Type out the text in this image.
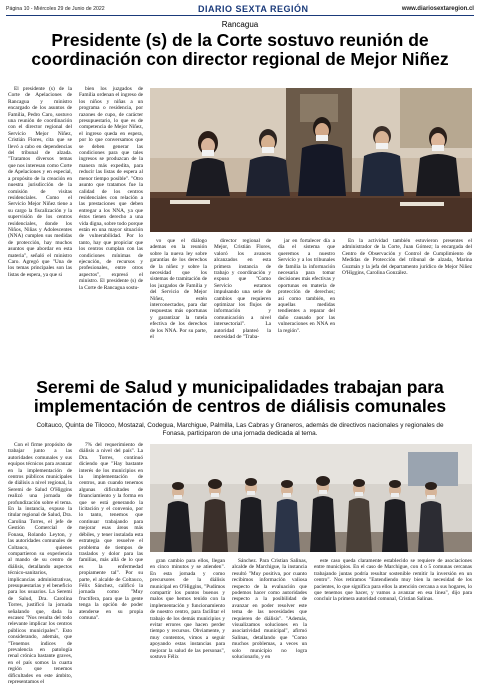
Página 10 - Miércoles 29 de Junio de 2022	DIARIO SEXTA REGIÓN	www.diariosextaregion.cl
Rancagua
Presidente (s) de la Corte sostuvo reunión de coordinación con director regional de Mejor Niñez

El presidente (s) de la Corte de Apelaciones de Rancagua y ministro encargado de los asuntos de Familia, Pedro Caro, sostuvo una reunión de coordinación con el director regional del Servicio Mejor Niñez, Cristián Flores, cita que se llevó a cabo en dependencias del tribunal de alzada. "Tratamos diversos temas que nos interesan como Corte de Apelaciones y en especial, a propósito de la creación en nuestra jurisdicción de la comisión de visitas residenciales. Como el Servicio Mejor Niñez tiene a su cargo la fiscalización y la supervisión de los centros residenciales, donde los Niños, Niñas y Adolescentes (NNA) cumplen sus medidas de protección, hay muchos asuntos que abordar en esta materia", señaló el ministro Caro. Agregó que "Una de los temas principales son las listas de espera, ya que si

bien los juzgados de Familia ordenan el ingreso de los niños y niñas a un programa o residencia, por razones de cupo, de carácter presupuestario, lo que es de competencia de Mejor Niñez, el ingreso queda en espera, por lo que conversamos que se deben generar las condiciones para que tales ingresos se produzcan de la manera más expedita, para reducir las listas de espera al menor tiempo posible". "Otro asunto que tratamos fue la calidad de los centros residenciales con relación a las prestaciones que deben entregar a los NNA, ya que éstos tienen derecho a una vida digna, sobre todo porque están en una mayor situación de vulnerabilidad. Por lo tanto, hay que propiciar que los centros cumplan con las condiciones mínimas de ejecución, de recursos y profesionales, entre otros aspectos", expresó el ministro. El presidente (s) de la Corte de Rancagua sostu-

vo que el diálogo ademas en la reunión sobre la nueva ley sobre garantías de los derechos de la niñez y sobre la necesidad que los sistemas de tramitación de los juzgados de Familia y del Servicio de Mejor Niñez, estén interconectados, para dar respuestas más oportunas y garantizar la tutela efectiva de los derechos de los NNA. Por su parte, el

director regional de Mejor, Cristián Flores, valoró los avances alcanzados en esta primera instancia de trabajo y coordinación y expuso que "Como Servicio estamos impulsando una serie de cambios que requieren optimizar los flujos de información y comunicación a nivel intersectorial". La autoridad planteó la necesidad de "Traba-

jar en fortalecer día a día el sistema que queremos a nuestro Servicio y a los tribunales de familia la información necesaria para tomar decisiones más efectivas y oportunas en materia de protección de derechos; así como también, en aquellas medidas tendientes a reparar del daño causado por las vulneraciones en NNA en la región".

En la actividad también estuvieron presentes el administrador de la Corte, Juan Gómez; la encargada del Centro de Observación y Control de Cumplimiento de Medidas de Protección del tribunal de alzada, Marina Guzmán y la jefa del departamento jurídico de Mejor Niñez O'Higgins, Carolina González.

Seremi de Salud y municipalidades trabajan para implementación de centros de diálisis comunales
Coltauco, Quinta de Tilcoco, Mostazal, Codegua, Marchigue, Palmilla, Las Cabras y Graneros, además de directivos nacionales y regionales de Fonasa, participaron de una jornada dedicada al tema.

Con el firme propósito de trabajar junto a las autoridades comunales y sus equipos técnicos para avanzar en la implementación de centros públicos municipales de diálisis a nivel regional, la Seremi de Salud O'Higgins realizó una jornada de profundización sobre el tema. En la instancia, expuso la titular regional de Salud, Dra. Carolina Torres, el jefe de Gestión Comercial de Fonasa, Rolando Leyton, y las autoridades comunales de Coltauco, quienes compartieron su experiencia al mando de su centro de diálisis, detallando aspectos técnico-sanitarios, implicancias administrativas, presupuestarias y el beneficio para los usuarios. La Seremi de Salud, Dra. Carolina Torres, justificó la jornada señalando que, dada la escasez "Nos resulta del todo relevante implicar los centros públicos municipales". Esto considerando, además, que "Tenemos índices de prevalencia en patología renal crónica bastante graves, en el país somos la cuarta región que tenemos dificultades en este ámbito, representamos el

7% del requerimiento de diálisis a nivel del país". La Dra. Torres, continuó diciendo que "Hay bastante interés de los municipios en la implementación de centros, aun cuando tenemos algunas dificultades de financiamiento y la forma en que se está generando la licitación y el convenio, por lo tanto, tenemos que continuar trabajando para mejorar esas áreas más débiles, y tener instalada esta estrategia que resuelve el problema de tiempos de traslados y dolor para las familias, más allá de lo que es la enfermedad propiamente tal". Por su parte, el alcalde de Coltauco, Félix Sánchez, calificó la jornada como "Muy fructífera, para que la gente tenga la opción de poder atenderse en su propia comuna".

gran cambio para ellos, llegan en cinco minutos y se atienden". En esta jornada y como precursores de la diálisis municipal en O'Higgins, "Pudimos compartir los puntos buenos y malos que hemos tenido con la implementación y funcionamiento de nuestro centro, para facilitar el trabajo de los demás municipios y evitar errores que hacen perder tiempo y recursos. Obviamente, y muy contentos, vimos a seguir apoyando estas instancias para mejorar la salud de las personas", sostuvo Félix

Sánchez. Para Cristian Salinas, alcalde de Marchigue, la instancia resultó "Muy positiva, por cuanto recibimos información valiosa respecto de la evaluación que podemos hacer como autoridades respecto a la posibilidad de avanzar en poder resolver este tema de las necesidades que requieren de diálisis". "Además, visualizamos soluciones en la asociatividad municipal", afirmó Salinas, detallando que "Como muchos problemas, a veces un solo municipio no logra solucionarlo, y en

este caso queda claramente establecido se requiere de asociaciones entre municipios. En el caso de Marchigue, con 4 o 5 comunas cercanas trabajando juntas podría resultar sostenible remitir la inversión en un centro". Nos retiramos "Entendiendo muy bien la necesidad de los pacientes, lo que significa para ellos la atención cercana a sus hogares, lo que tenemos que hacer, y vamos a avanzar en esa línea", dijo para concluir la primera autoridad comunal, Cristian Salinas.
